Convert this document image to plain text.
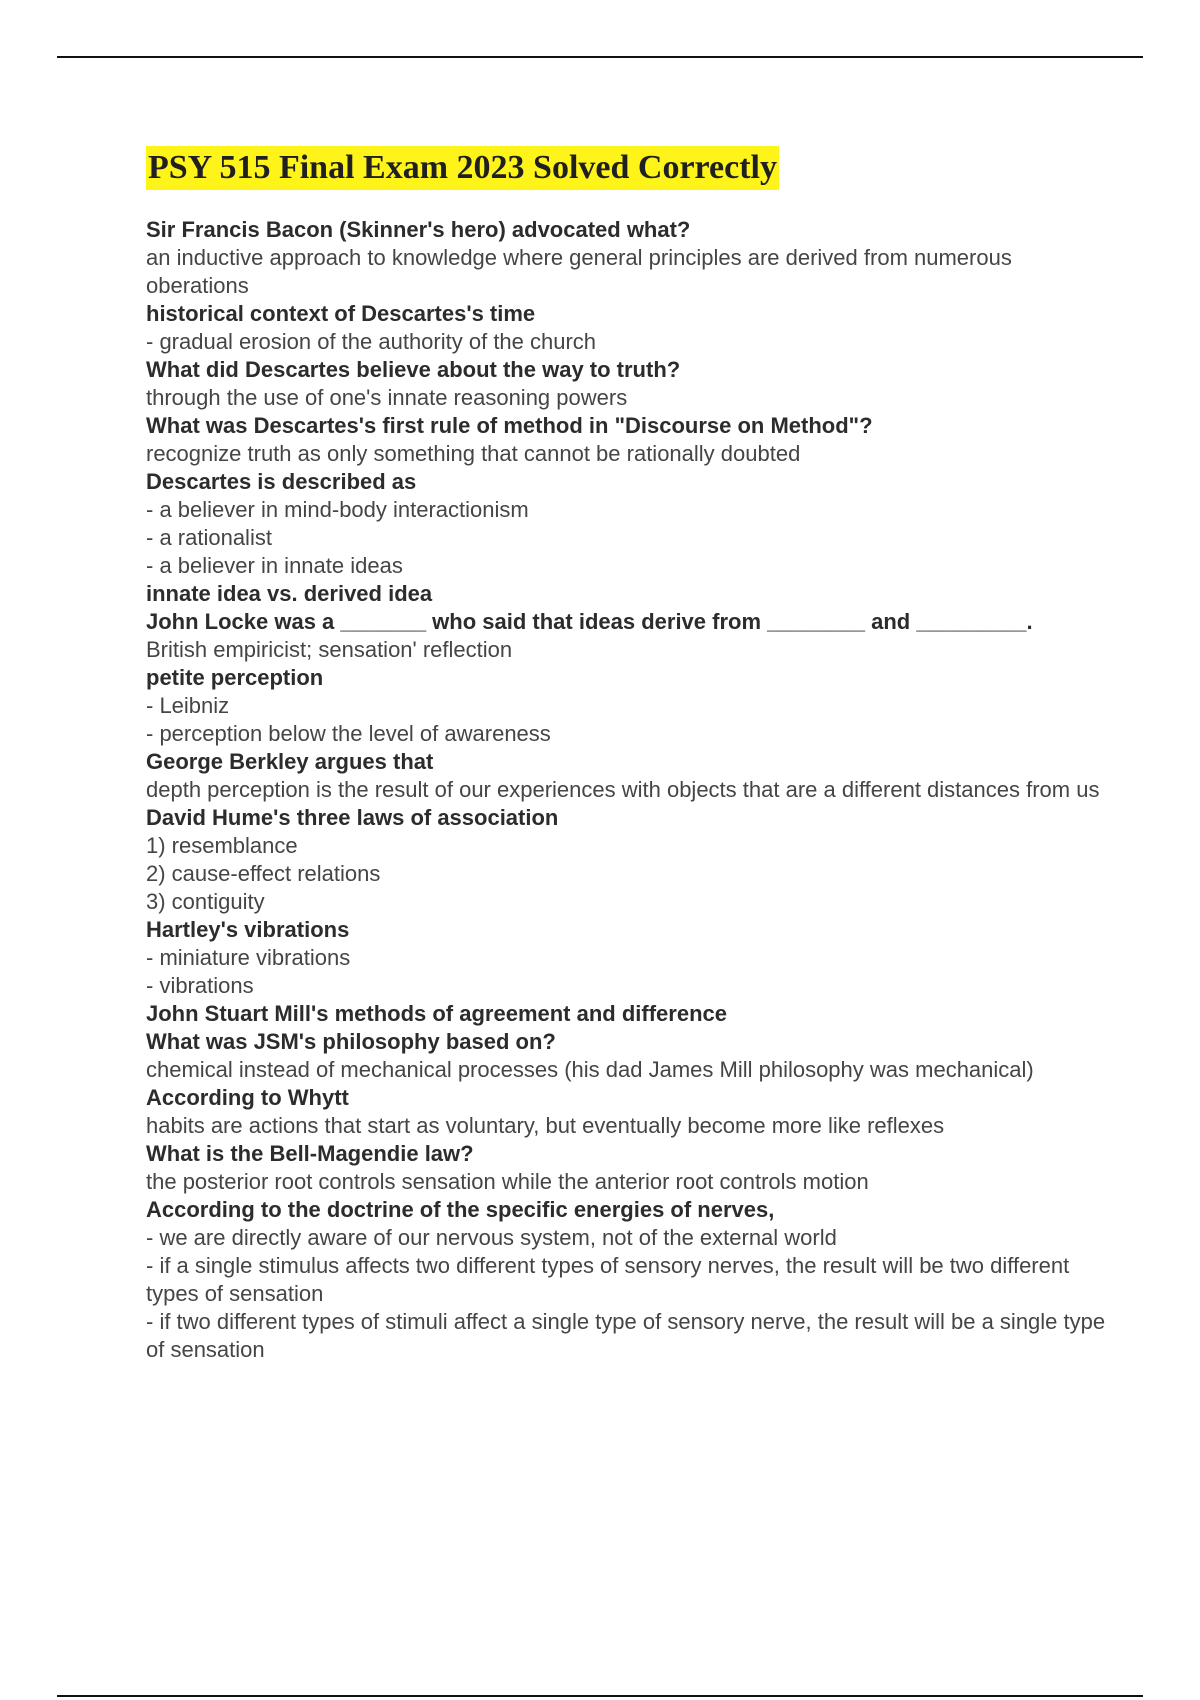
PSY 515 Final Exam 2023 Solved Correctly
Sir Francis Bacon (Skinner's hero) advocated what?
an inductive approach to knowledge where general principles are derived from numerous oberations
historical context of Descartes's time
- gradual erosion of the authority of the church
What did Descartes believe about the way to truth?
through the use of one's innate reasoning powers
What was Descartes's first rule of method in "Discourse on Method"?
recognize truth as only something that cannot be rationally doubted
Descartes is described as
- a believer in mind-body interactionism
- a rationalist
- a believer in innate ideas
innate idea vs. derived idea
John Locke was a _______ who said that ideas derive from ________ and _________.
British empiricist; sensation' reflection
petite perception
- Leibniz
- perception below the level of awareness
George Berkley argues that
depth perception is the result of our experiences with objects that are a different distances from us
David Hume's three laws of association
1) resemblance
2) cause-effect relations
3) contiguity
Hartley's vibrations
- miniature vibrations
- vibrations
John Stuart Mill's methods of agreement and difference
What was JSM's philosophy based on?
chemical instead of mechanical processes (his dad James Mill philosophy was mechanical)
According to Whytt
habits are actions that start as voluntary, but eventually become more like reflexes
What is the Bell-Magendie law?
the posterior root controls sensation while the anterior root controls motion
According to the doctrine of the specific energies of nerves,
- we are directly aware of our nervous system, not of the external world
- if a single stimulus affects two different types of sensory nerves, the result will be two different types of sensation
- if two different types of stimuli affect a single type of sensory nerve, the result will be a single type of sensation
